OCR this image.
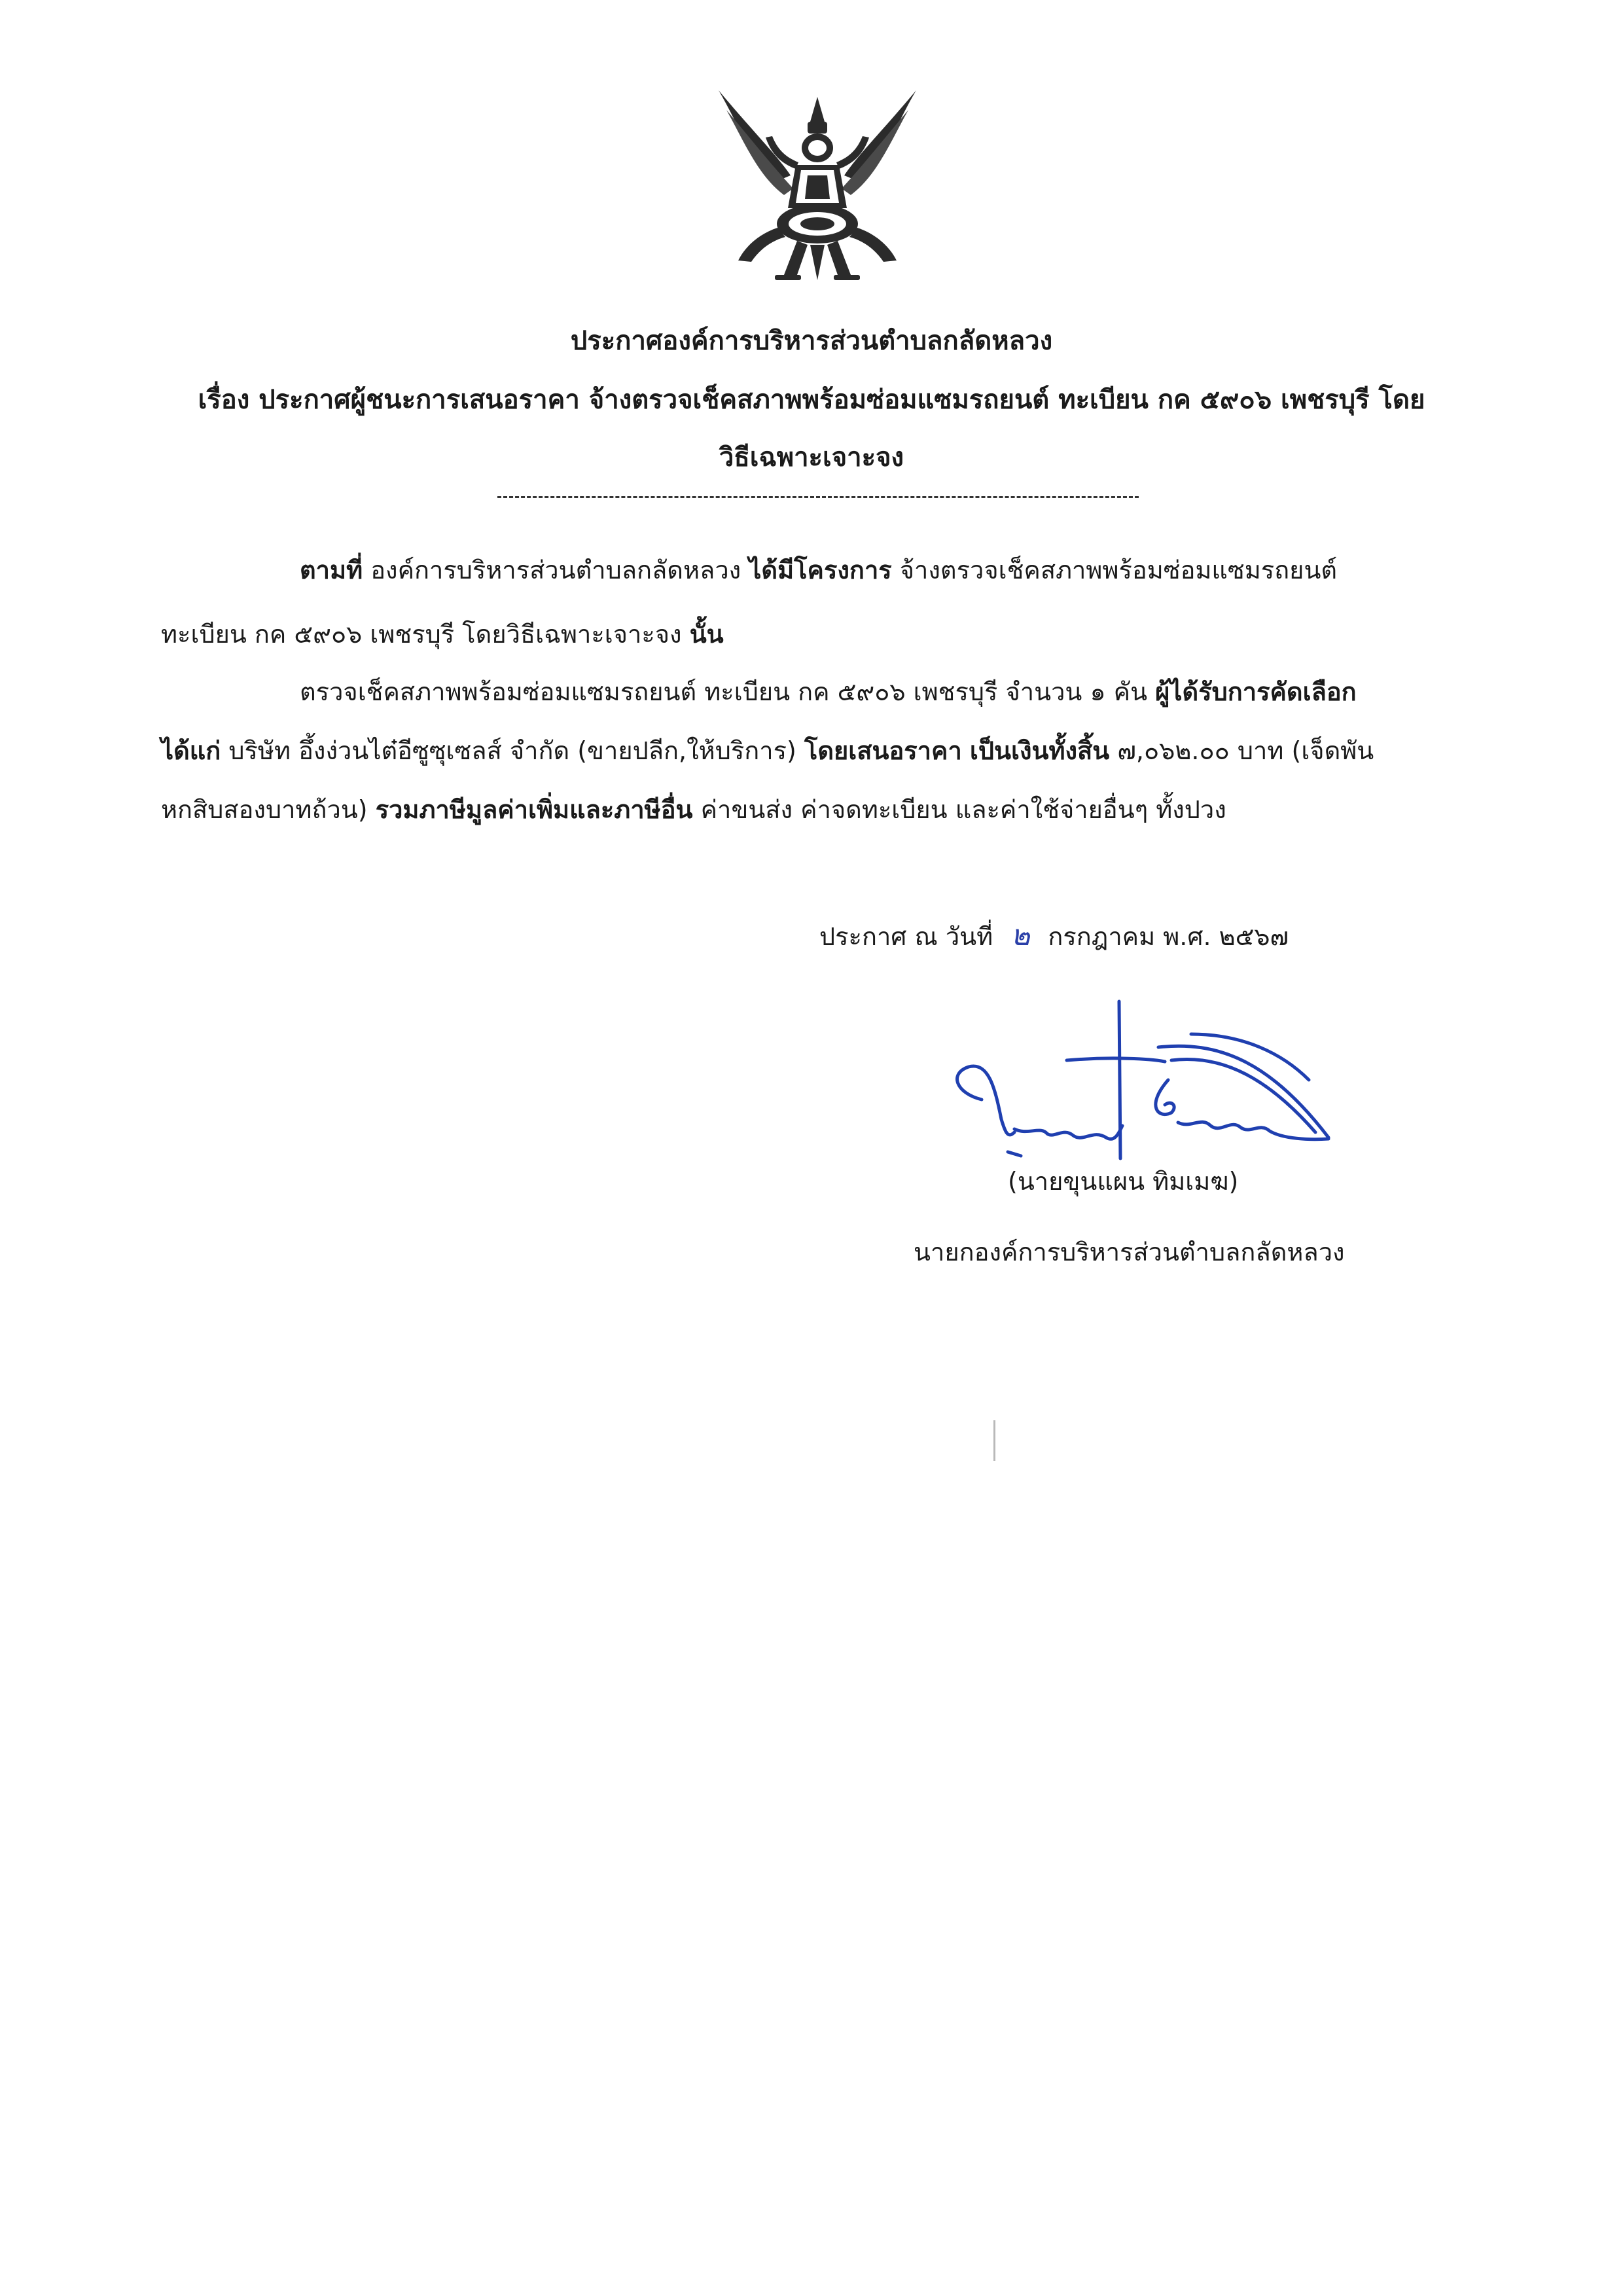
ประกาศองค์การบริหารส่วนตำบลกลัดหลวง
เรื่อง ประกาศผู้ชนะการเสนอราคา จ้างตรวจเช็คสภาพพร้อมซ่อมแซมรถยนต์ ทะเบียน กค ๕๙๐๖ เพชรบุรี โดย
วิธีเฉพาะเจาะจง
ตามที่ องค์การบริหารส่วนตำบลกลัดหลวง ได้มีโครงการ จ้างตรวจเช็คสภาพพร้อมซ่อมแซมรถยนต์
ทะเบียน กค ๕๙๐๖ เพชรบุรี โดยวิธีเฉพาะเจาะจง นั้น
ตรวจเช็คสภาพพร้อมซ่อมแซมรถยนต์ ทะเบียน กค ๕๙๐๖ เพชรบุรี จำนวน ๑ คัน ผู้ได้รับการคัดเลือก
ได้แก่ บริษัท อึ้งง่วนไต๋อีซูซุเซลส์ จำกัด (ขายปลีก,ให้บริการ) โดยเสนอราคา เป็นเงินทั้งสิ้น ๗,๐๖๒.๐๐ บาท (เจ็ดพัน
หกสิบสองบาทถ้วน) รวมภาษีมูลค่าเพิ่มและภาษีอื่น ค่าขนส่ง ค่าจดทะเบียน และค่าใช้จ่ายอื่นๆ ทั้งปวง
ประกาศ ณ วันที่ ๒ กรกฎาคม พ.ศ. ๒๕๖๗
(นายขุนแผน ทิมเมฆ)
นายกองค์การบริหารส่วนตำบลกลัดหลวง
